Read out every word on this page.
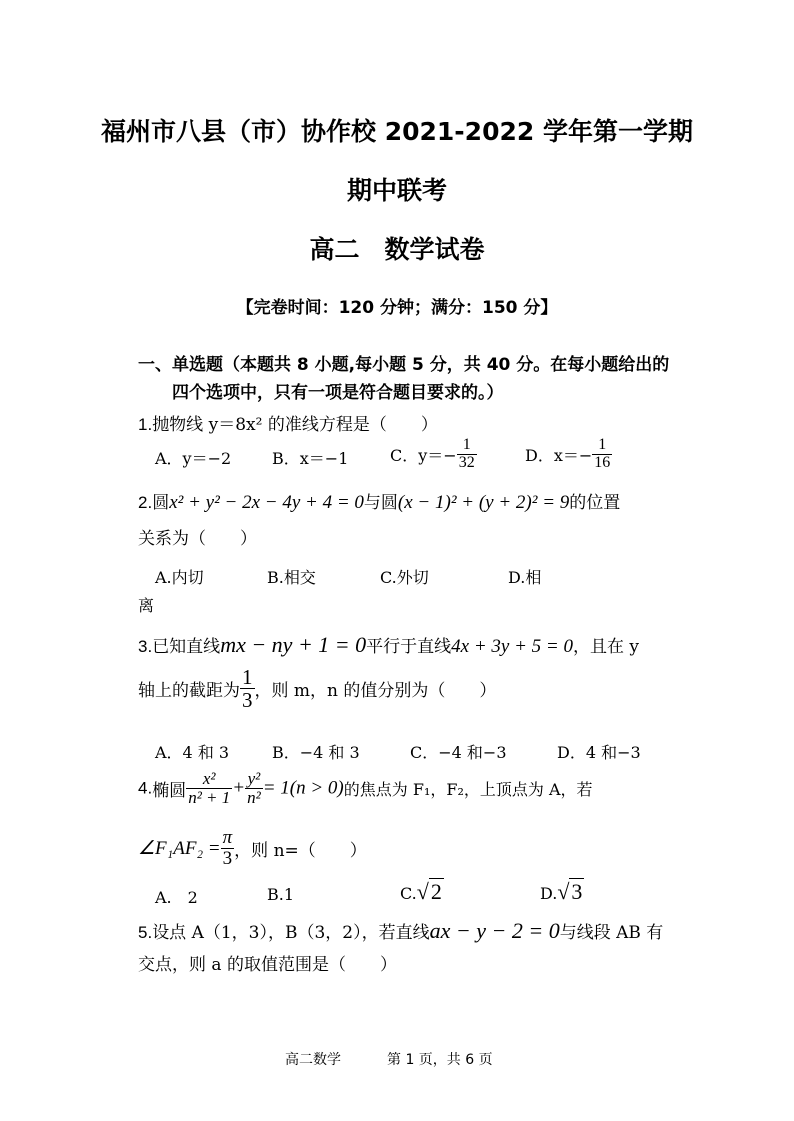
福州市八县（市）协作校 2021-2022 学年第一学期
期中联考
高二　数学试卷
【完卷时间：120 分钟；满分：150 分】
一、单选题（本题共 8 小题,每小题 5 分，共 40 分。在每小题给出的
四个选项中，只有一项是符合题目要求的。）
1.抛物线 y＝8x² 的准线方程是（　　）
A．y＝−2	B．x＝−1	C．$y=- \frac{1}{32}$	D．$x=- \frac{1}{16}$
2.圆x² + y² − 2x − 4y + 4 = 0与圆(x − 1)² + (y + 2)² = 9的位置
关系为（　　）
A.内切	B.相交	C.外切	D.相
离
3.已知直线mx − ny + 1 = 0平行于直线4x + 3y + 5 = 0，且在 y
轴上的截距为 $\frac{1}{3}$ ，则 m，n 的值分别为（　　）
A．4 和 3	B．−4 和 3	C．−4 和−3	D．4 和−3
4.椭圆 $\frac{\text{x²}}{\text{n² + 1}} + \frac{\text{y²}}{\text{n²}} = 1(n > 0)$的焦点为 F₁，F₂，上顶点为 A，若
∠F₁AF₂ = $\frac{\pi}{3}$ ，则 n=（　　）
A.　2	B.1	C.√2	D.√3
5.设点 A（1，3），B（3，2），若直线ax − y − 2 = 0与线段 AB 有
交点，则 a 的取值范围是（　　）
高二数学	第 1 页，共 6 页
